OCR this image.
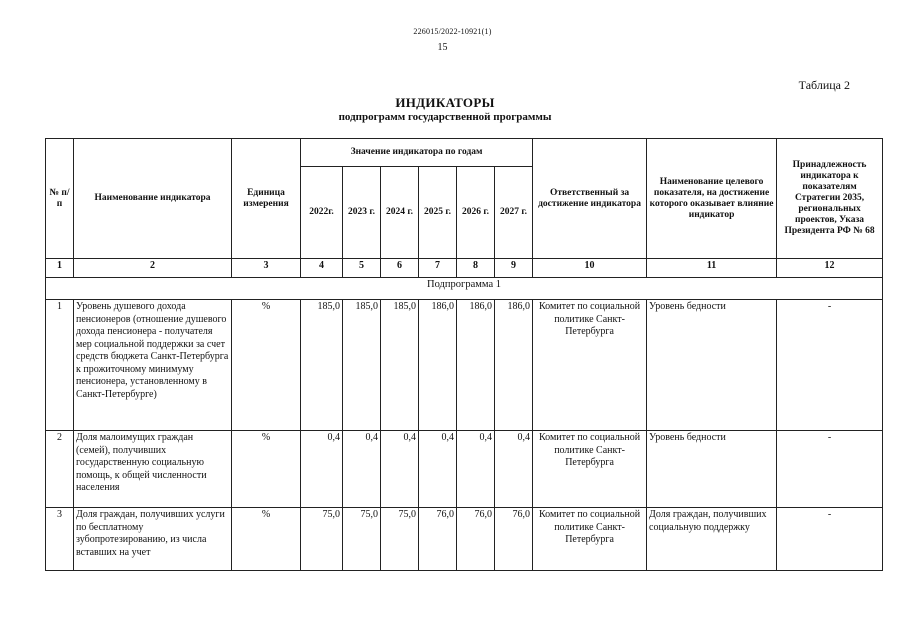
226015/2022-10921(1)
15
Таблица 2
ИНДИКАТОРЫ
подпрограмм государственной программы
№ п/п	Наименование индикатора	Единица измерения	Значение индикатора по годам						Ответственный за достижение индикатора	Наименование целевого показателя, на достижение которого оказывает влияние индикатор	Принадлежность индикатора к показателям Стратегии 2035, региональных проектов, Указа Президента РФ № 68
			2022г.	2023 г.	2024 г.	2025 г.	2026 г.	2027 г.			
1	2	3	4	5	6	7	8	9	10	11	12
Подпрограмма 1											
1	Уровень душевого дохода пенсионеров (отношение душевого дохода пенсионера - получателя мер социальной поддержки за счет средств бюджета Санкт-Петербурга к прожиточному минимуму пенсионера, установленному в Санкт-Петербурге)	%	185,0	185,0	185,0	186,0	186,0	186,0	Комитет по социальной политике Санкт-Петербурга	Уровень бедности	-
2	Доля малоимущих граждан (семей), получивших государственную социальную помощь, к общей численности населения	%	0,4	0,4	0,4	0,4	0,4	0,4	Комитет по социальной политике Санкт-Петербурга	Уровень бедности	-
3	Доля граждан, получивших услуги по бесплатному зубопротезированию, из числа вставших на учет	%	75,0	75,0	75,0	76,0	76,0	76,0	Комитет по социальной политике Санкт-Петербурга	Доля граждан, получивших социальную поддержку	-
